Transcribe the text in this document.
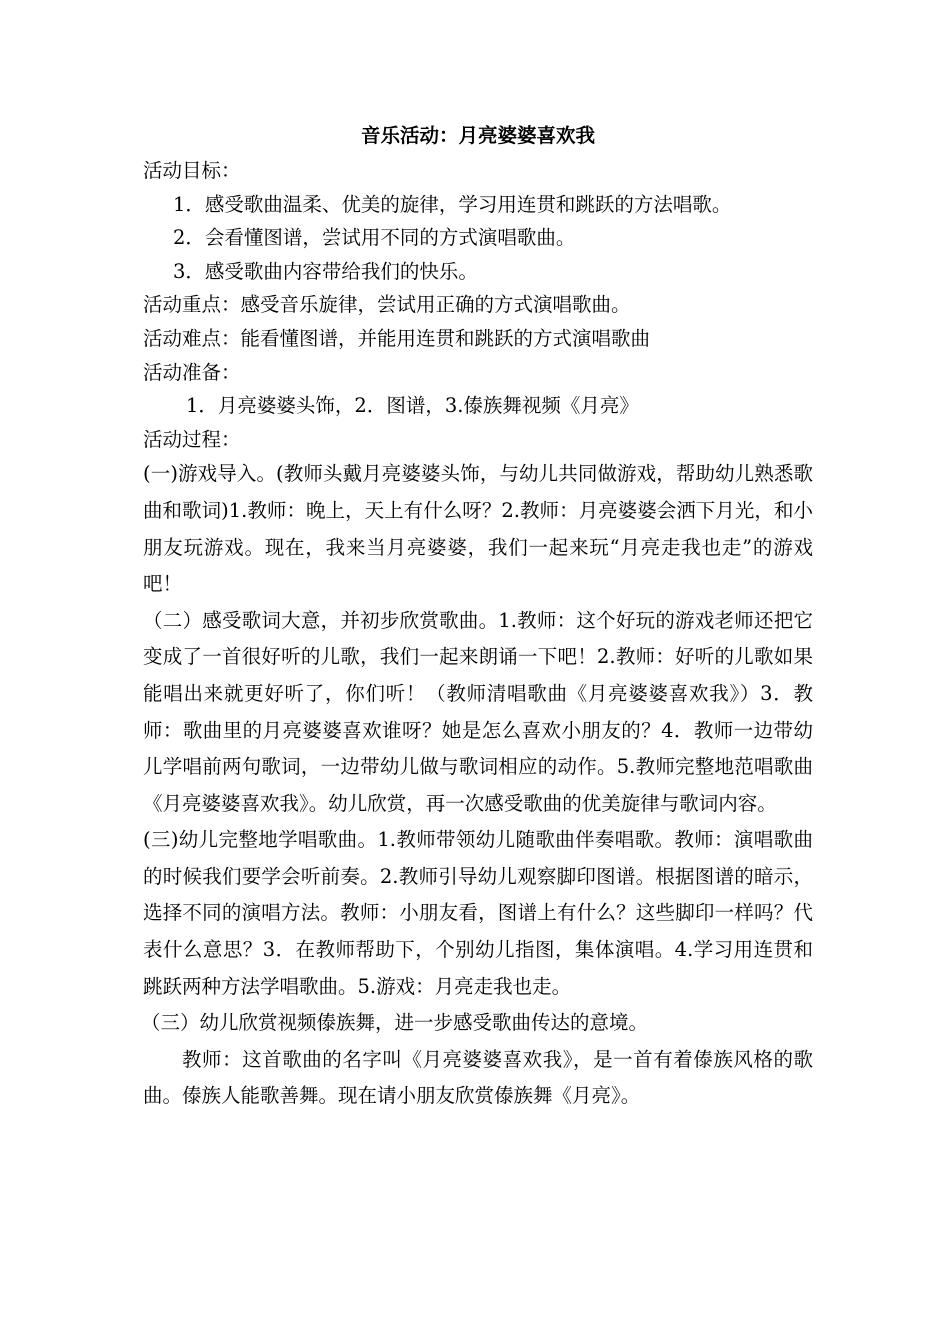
音乐活动：月亮婆婆喜欢我

活动目标：

1．感受歌曲温柔、优美的旋律，学习用连贯和跳跃的方法唱歌。

2．会看懂图谱，尝试用不同的方式演唱歌曲。

3．感受歌曲内容带给我们的快乐。

活动重点：感受音乐旋律，尝试用正确的方式演唱歌曲。

活动难点：能看懂图谱，并能用连贯和跳跃的方式演唱歌曲

活动准备：

1．月亮婆婆头饰，2．图谱，3.傣族舞视频《月亮》

活动过程：

(一)游戏导入。(教师头戴月亮婆婆头饰，与幼儿共同做游戏，帮助幼儿熟悉歌曲和歌词)1.教师：晚上，天上有什么呀？2.教师：月亮婆婆会洒下月光，和小朋友玩游戏。现在，我来当月亮婆婆，我们一起来玩“月亮走我也走”的游戏吧！

（二）感受歌词大意，并初步欣赏歌曲。1.教师：这个好玩的游戏老师还把它变成了一首很好听的儿歌，我们一起来朗诵一下吧！2.教师：好听的儿歌如果能唱出来就更好听了，你们听！（教师清唱歌曲《月亮婆婆喜欢我》）3．教师：歌曲里的月亮婆婆喜欢谁呀？她是怎么喜欢小朋友的？4．教师一边带幼儿学唱前两句歌词，一边带幼儿做与歌词相应的动作。5.教师完整地范唱歌曲《月亮婆婆喜欢我》。幼儿欣赏，再一次感受歌曲的优美旋律与歌词内容。

(三)幼儿完整地学唱歌曲。1.教师带领幼儿随歌曲伴奏唱歌。教师：演唱歌曲的时候我们要学会听前奏。2.教师引导幼儿观察脚印图谱。根据图谱的暗示，选择不同的演唱方法。教师：小朋友看，图谱上有什么？这些脚印一样吗？代表什么意思？3．在教师帮助下，个别幼儿指图，集体演唱。4.学习用连贯和跳跃两种方法学唱歌曲。5.游戏：月亮走我也走。

（三）幼儿欣赏视频傣族舞，进一步感受歌曲传达的意境。

教师：这首歌曲的名字叫《月亮婆婆喜欢我》，是一首有着傣族风格的歌曲。傣族人能歌善舞。现在请小朋友欣赏傣族舞《月亮》。
